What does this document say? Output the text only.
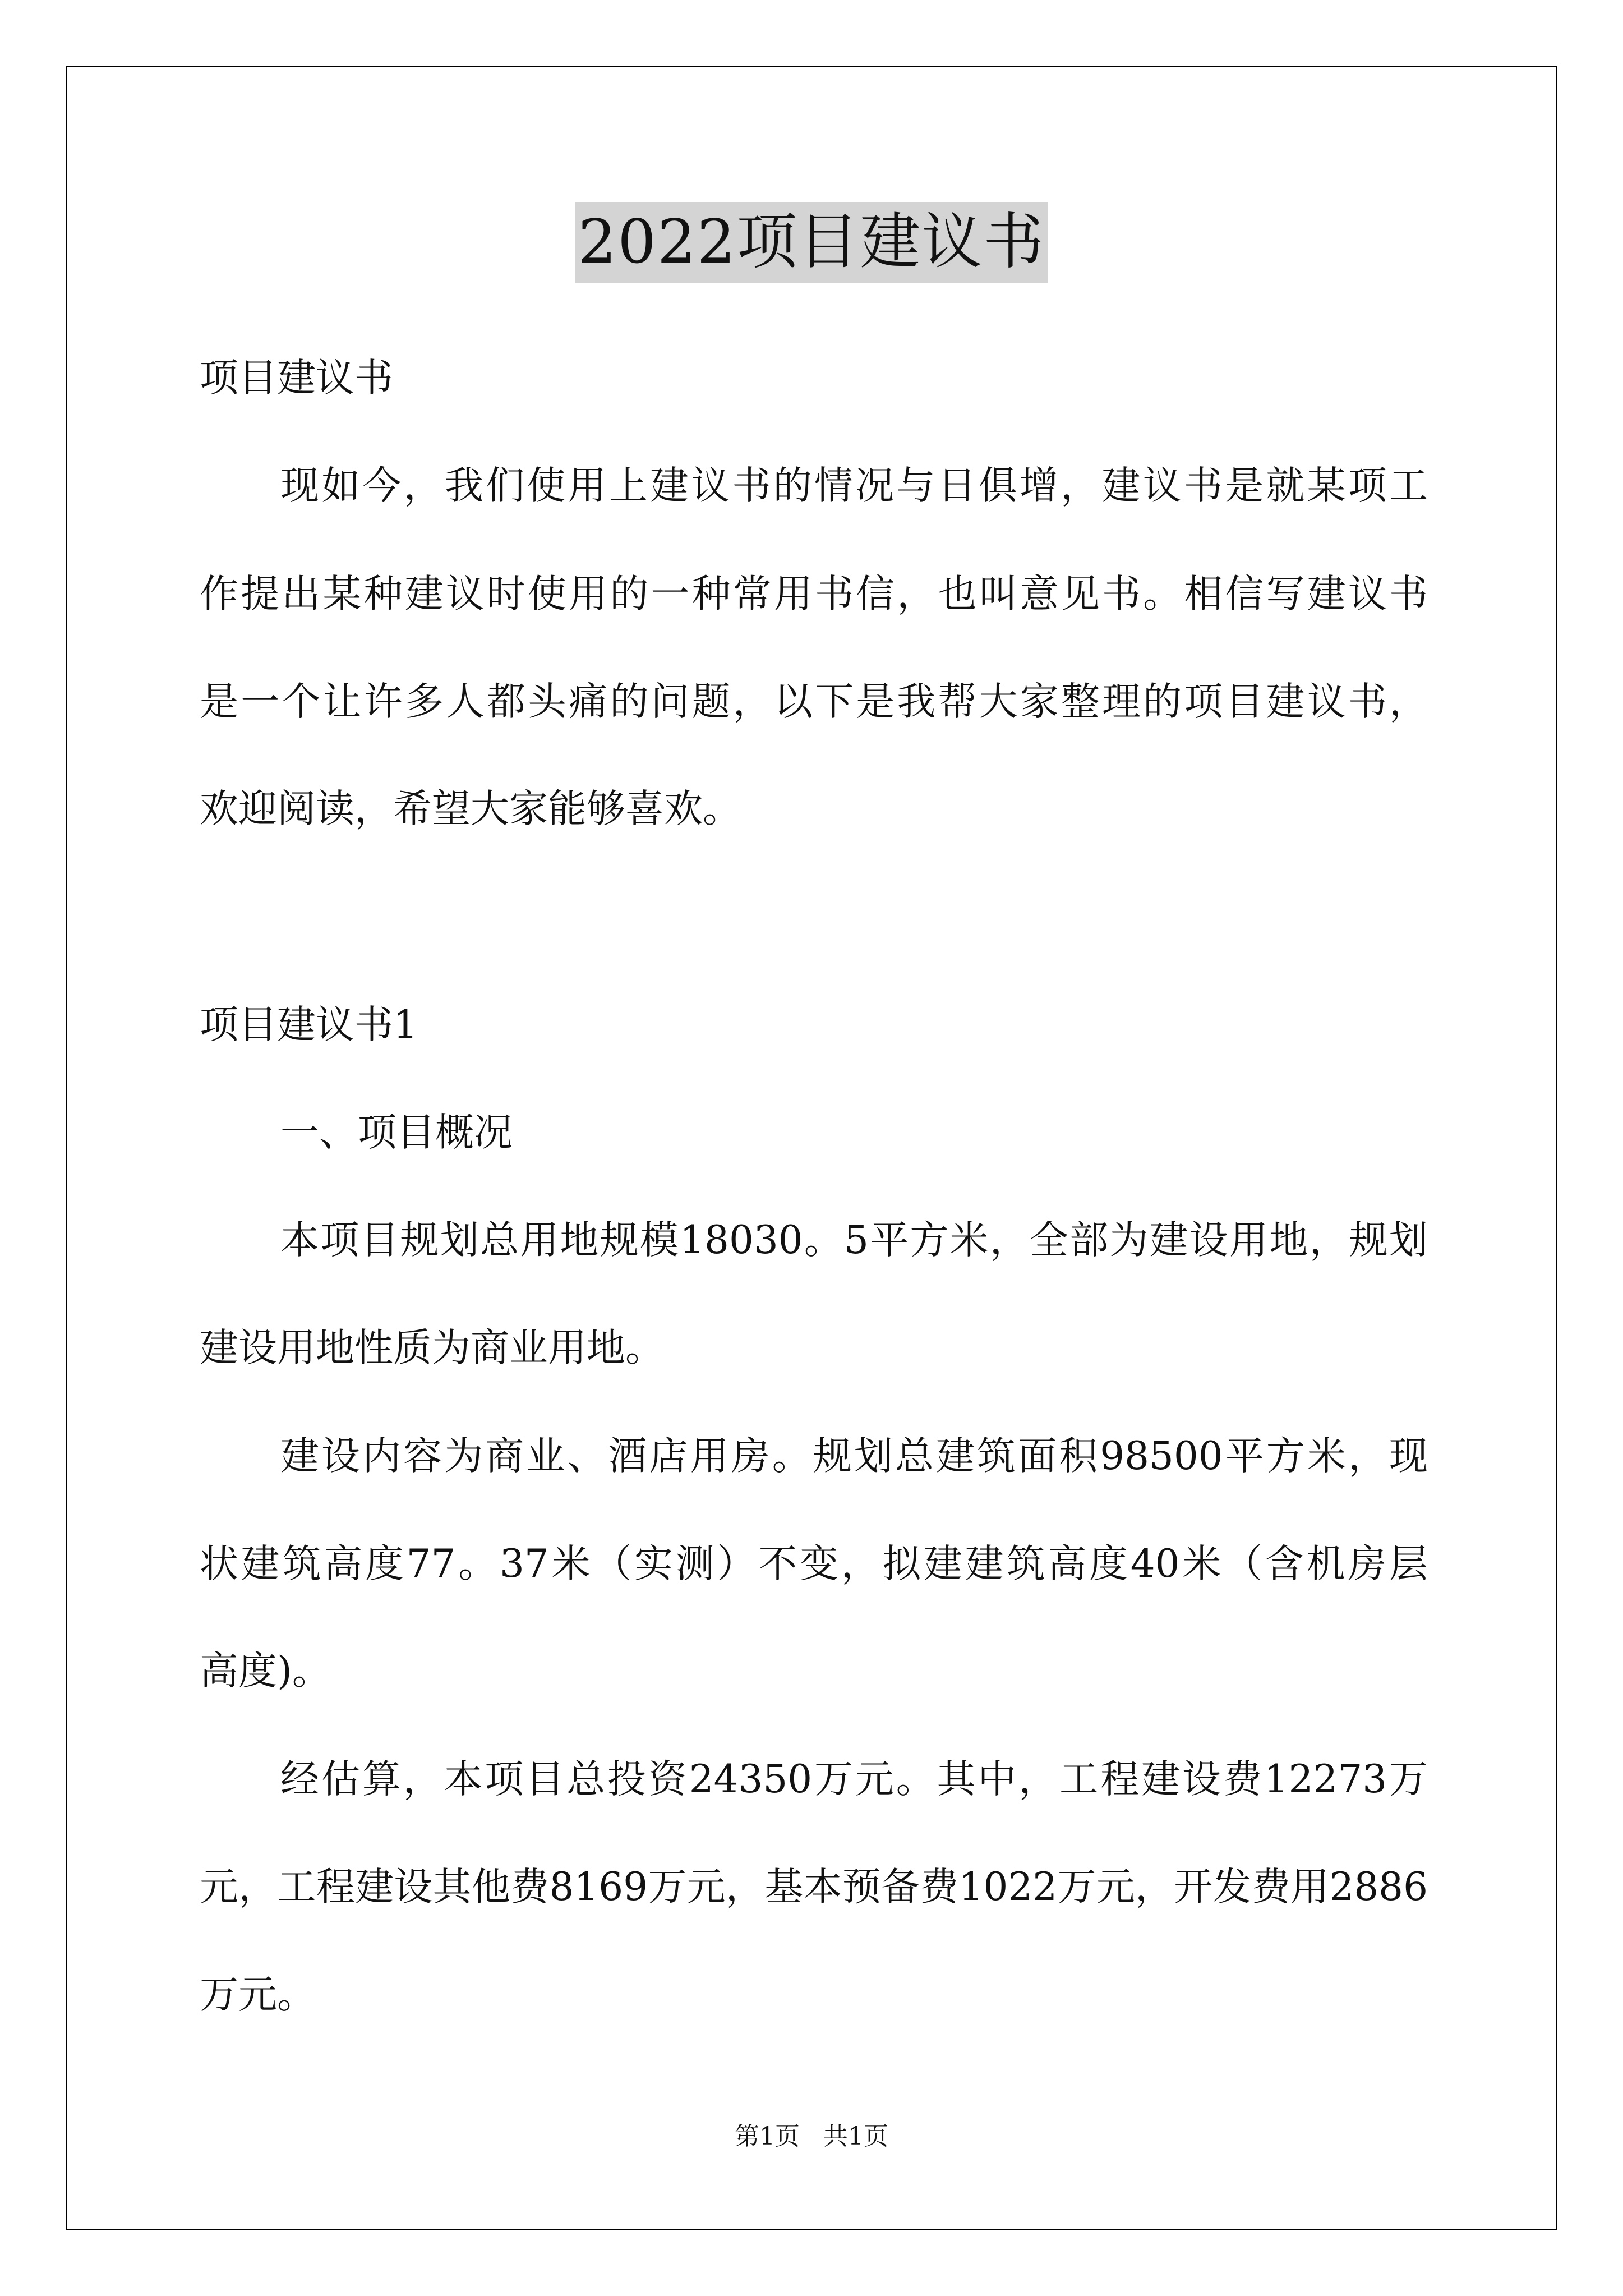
2022项目建议书
项目建议书
现如今，我们使用上建议书的情况与日俱增，建议书是就某项工
作提出某种建议时使用的一种常用书信，也叫意见书。相信写建议书
是一个让许多人都头痛的问题，以下是我帮大家整理的项目建议书，
欢迎阅读，希望大家能够喜欢。
项目建议书1
一、项目概况
本项目规划总用地规模18030。5平方米，全部为建设用地，规划
建设用地性质为商业用地。
建设内容为商业、酒店用房。规划总建筑面积98500平方米，现
状建筑高度77。37米（实测）不变，拟建建筑高度40米（含机房层
高度)。
经估算，本项目总投资24350万元。其中，工程建设费12273万
元，工程建设其他费8169万元，基本预备费1022万元，开发费用2886
万元。
第1页 共1页
